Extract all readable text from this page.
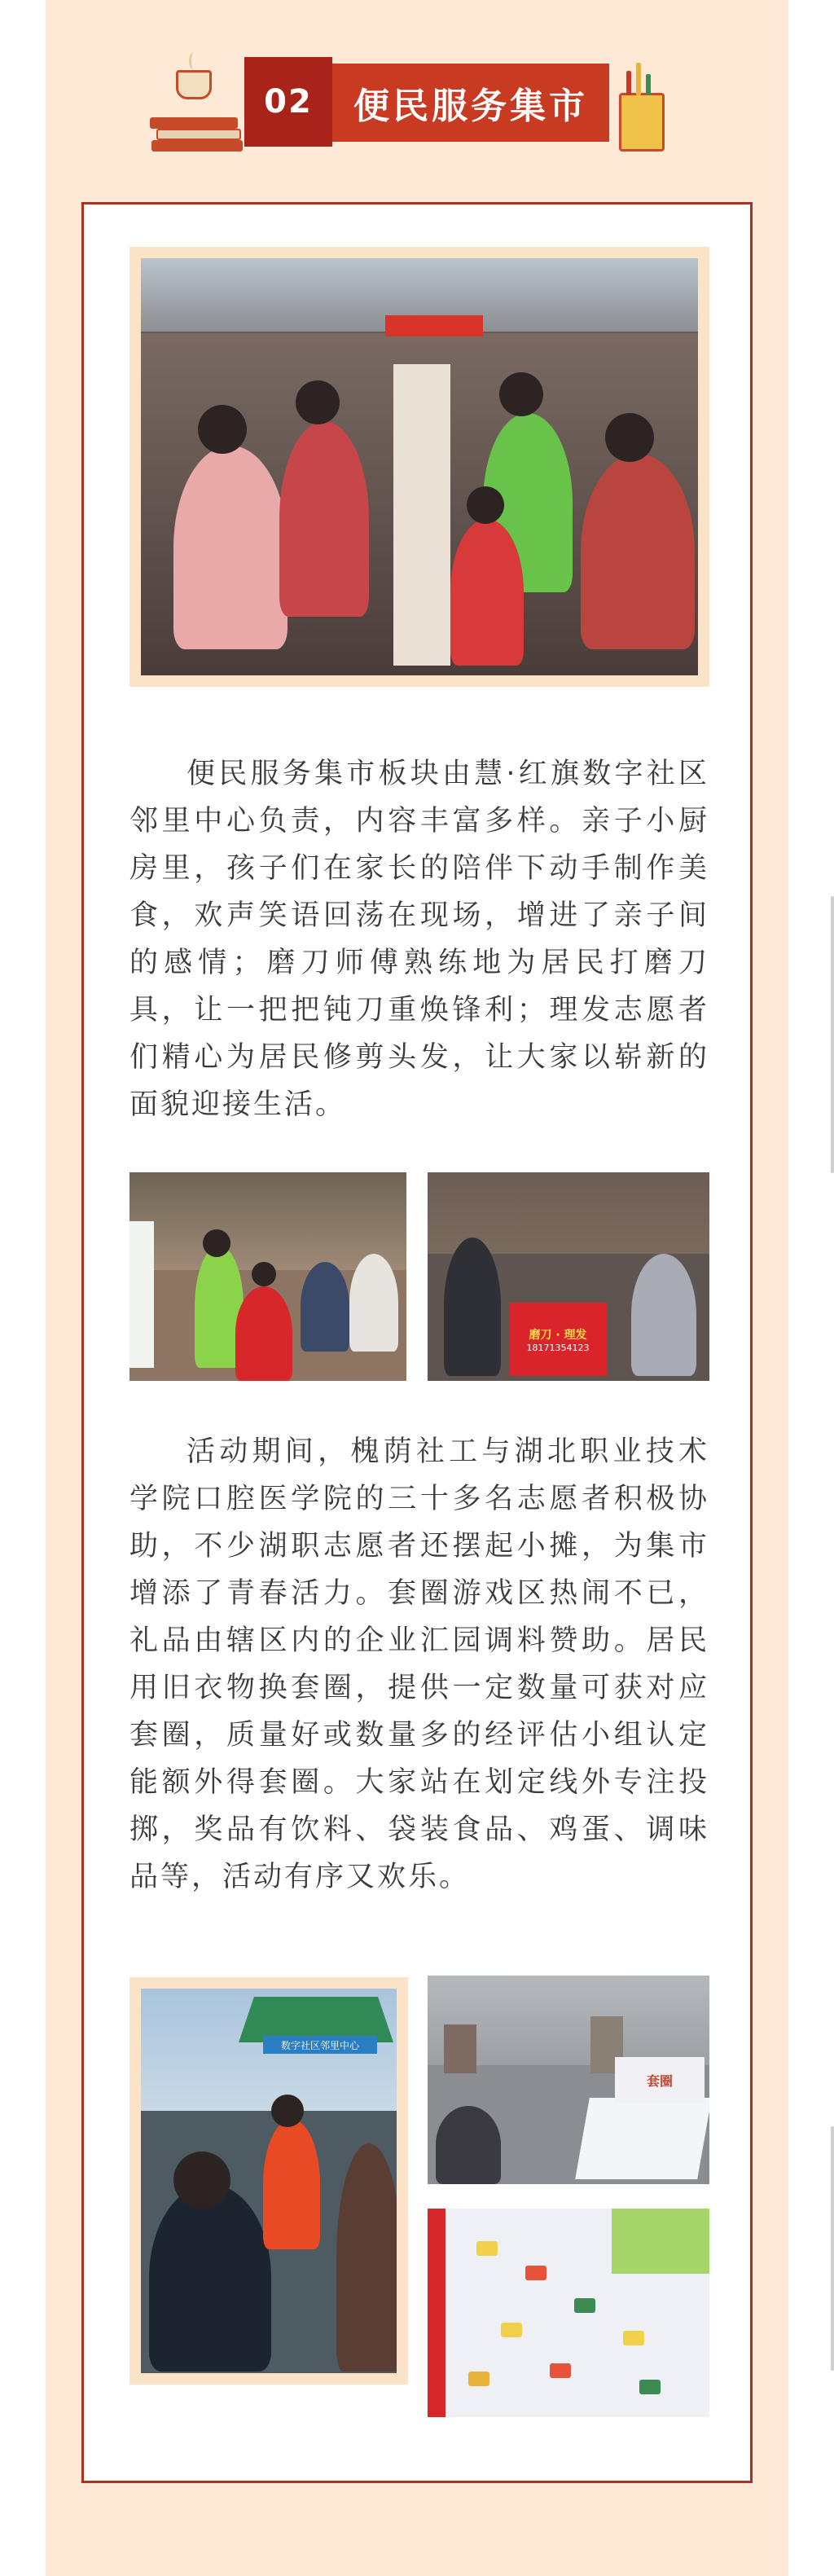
02	便民服务集市

便民服务集市板块由慧·红旗数字社区邻里中心负责，内容丰富多样。亲子小厨房里，孩子们在家长的陪伴下动手制作美食，欢声笑语回荡在现场，增进了亲子间的感情；磨刀师傅熟练地为居民打磨刀具，让一把把钝刀重焕锋利；理发志愿者们精心为居民修剪头发，让大家以崭新的面貌迎接生活。

磨刀 · 理发
18171354123

活动期间，槐荫社工与湖北职业技术学院口腔医学院的三十多名志愿者积极协助，不少湖职志愿者还摆起小摊，为集市增添了青春活力。套圈游戏区热闹不已，礼品由辖区内的企业汇园调料赞助。居民用旧衣物换套圈，提供一定数量可获对应套圈，质量好或数量多的经评估小组认定能额外得套圈。大家站在划定线外专注投掷，奖品有饮料、袋装食品、鸡蛋、调味品等，活动有序又欢乐。

数字社区邻里中心
套圈
